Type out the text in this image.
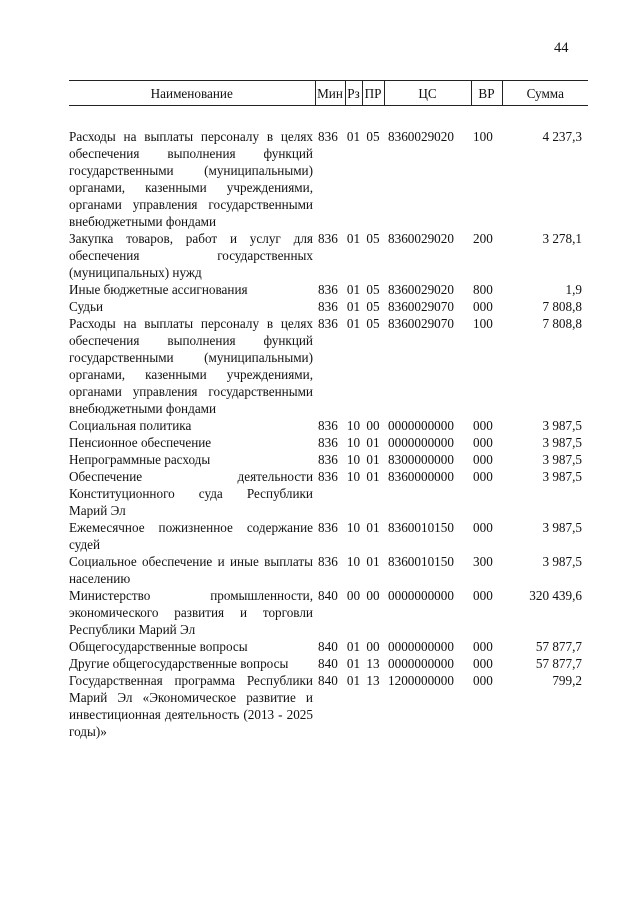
44
Наименование	Мин	Рз	ПР	ЦС	ВР	Сумма

Расходы на выплаты персоналу в целях обеспечения выполнения функций государственными (муниципальными) органами, казенными учреждениями, органами управления государственными внебюджетными фондами	836	01	05	8360029020	100	4 237,3
Закупка товаров, работ и услуг для обеспечения государственных (муниципальных) нужд	836	01	05	8360029020	200	3 278,1
Иные бюджетные ассигнования	836	01	05	8360029020	800	1,9
Судьи	836	01	05	8360029070	000	7 808,8
Расходы на выплаты персоналу в целях обеспечения выполнения функций государственными (муниципальными) органами, казенными учреждениями, органами управления государственными внебюджетными фондами	836	01	05	8360029070	100	7 808,8
Социальная политика	836	10	00	0000000000	000	3 987,5
Пенсионное обеспечение	836	10	01	0000000000	000	3 987,5
Непрограммные расходы	836	10	01	8300000000	000	3 987,5
Обеспечение деятельности Конституционного суда Республики Марий Эл	836	10	01	8360000000	000	3 987,5
Ежемесячное пожизненное содержание судей	836	10	01	8360010150	000	3 987,5
Социальное обеспечение и иные выплаты населению	836	10	01	8360010150	300	3 987,5
Министерство промышленности, экономического развития и торговли Республики Марий Эл	840	00	00	0000000000	000	320 439,6
Общегосударственные вопросы	840	01	00	0000000000	000	57 877,7
Другие общегосударственные вопросы	840	01	13	0000000000	000	57 877,7
Государственная программа Республики Марий Эл «Экономическое развитие и инвестиционная деятельность (2013 - 2025 годы)»	840	01	13	1200000000	000	799,2
